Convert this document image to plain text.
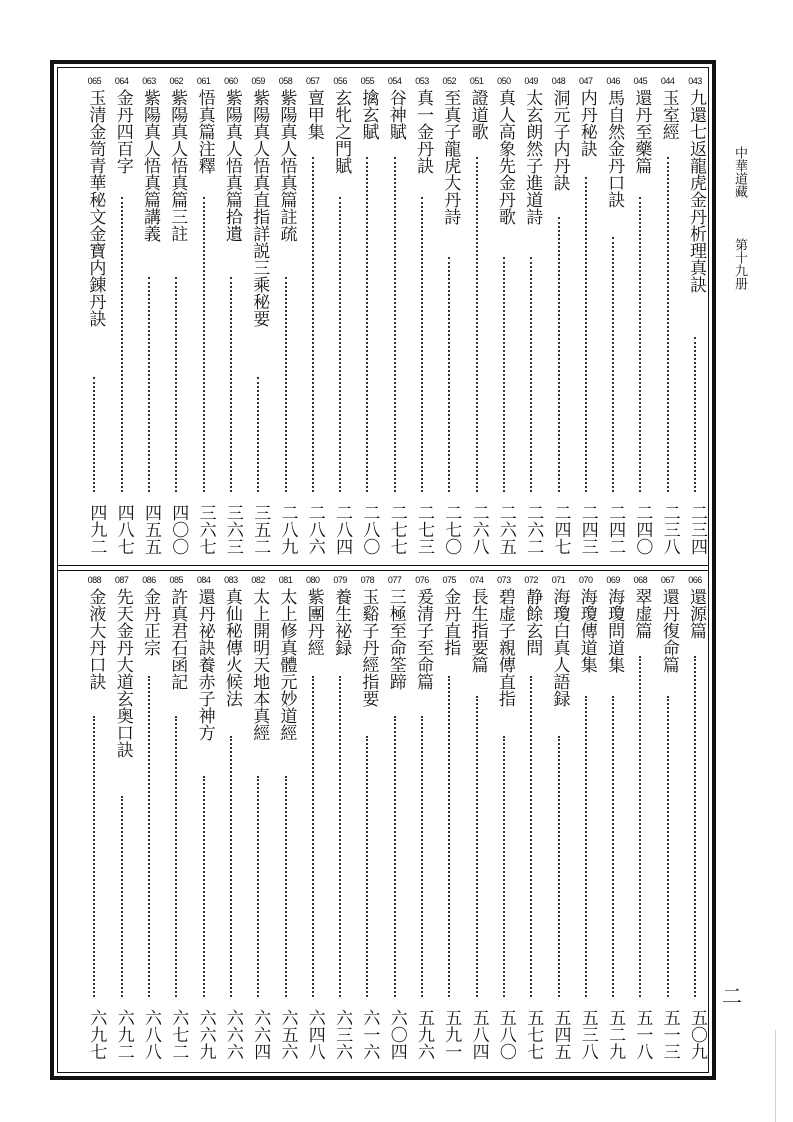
中華道藏  第十九册
二
043
九還七返龍虎金丹析理真訣
二三四
044
玉室經
二三八
045
還丹至藥篇
二四〇
046
馬自然金丹口訣
二四二
047
内丹秘訣
二四三
048
洞元子内丹訣
二四七
049
太玄朗然子進道詩
二六二
050
真人高象先金丹歌
二六五
051
證道歌
二六八
052
至真子龍虎大丹詩
二七〇
053
真一金丹訣
二七三
054
谷神賦
二七七
055
擒玄賦
二八〇
056
玄牝之門賦
二八四
057
亶甲集
二八六
058
紫陽真人悟真篇註疏
二八九
059
紫陽真人悟真直指詳説三乘秘要
三五二
060
紫陽真人悟真篇拾遺
三六三
061
悟真篇注釋
三六七
062
紫陽真人悟真篇三註
四〇〇
063
紫陽真人悟真篇講義
四五五
064
金丹四百字
四八七
065
玉清金笥青華秘文金寶内錬丹訣
四九二
066
還源篇
五〇九
067
還丹復命篇
五一三
068
翠虚篇
五一八
069
海瓊問道集
五二九
070
海瓊傳道集
五三八
071
海瓊白真人語録
五四五
072
静餘玄問
五七七
073
碧虚子親傳直指
五八〇
074
長生指要篇
五八四
075
金丹直指
五九一
076
爰清子至命篇
五九六
077
三極至命筌蹄
六〇四
078
玉谿子丹經指要
六一六
079
養生祕録
六三六
080
紫團丹經
六四八
081
太上修真體元妙道經
六五六
082
太上開明天地本真經
六六四
083
真仙秘傳火候法
六六六
084
還丹祕訣養赤子神方
六六九
085
許真君石函記
六七二
086
金丹正宗
六八八
087
先天金丹大道玄奥口訣
六九二
088
金液大丹口訣
六九七
